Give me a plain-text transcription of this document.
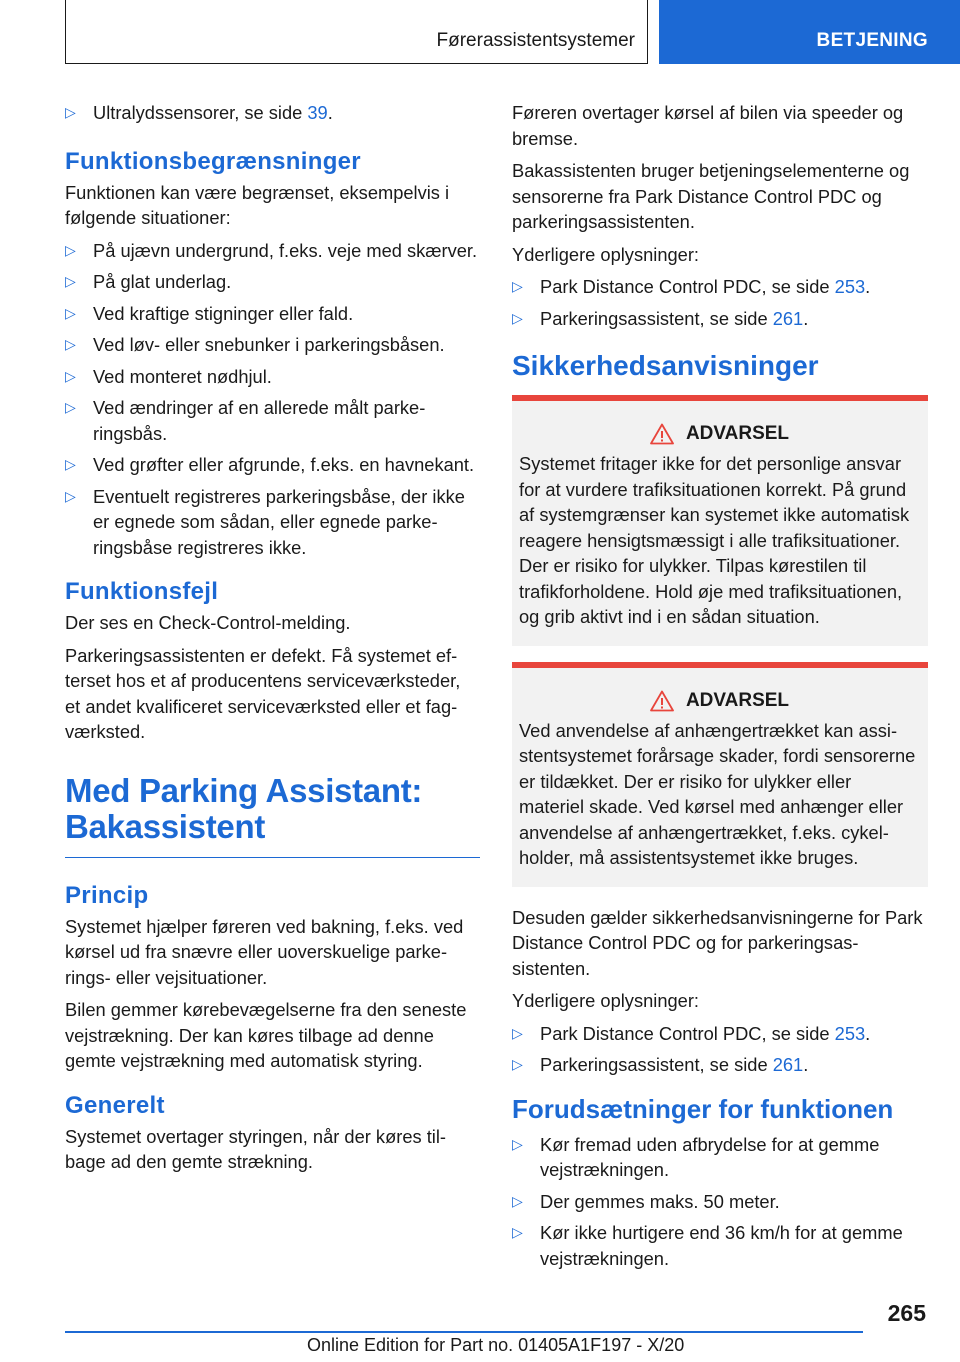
Førerassistentsystemer	BETJENING
▷ Ultralydssensorer, se side 39.
Funktionsbegrænsninger

Funktionen kan være begrænset, eksempelvis i følgende situationer:

▷ På ujævn undergrund, f.eks. veje med skærver.
▷ På glat underlag.
▷ Ved kraftige stigninger eller fald.
▷ Ved løv- eller snebunker i parkeringsbåsen.
▷ Ved monteret nødhjul.
▷ Ved ændringer af en allerede målt parkeringsbås.
▷ Ved grøfter eller afgrunde, f.eks. en havnekant.
▷ Eventuelt registreres parkeringsbåse, der ikke er egnede som sådan, eller egnede parkeringsbåse registreres ikke.
Funktionsfejl

Der ses en Check-Control-melding.

Parkeringsassistenten er defekt. Få systemet efterset hos et af producentens serviceværksteder, et andet kvalificeret serviceværksted eller et fagværksted.

Med Parking Assistant: Bakassistent
Princip

Systemet hjælper føreren ved bakning, f.eks. ved kørsel ud fra snævre eller uoverskuelige parkerings- eller vejsituationer.

Bilen gemmer kørebevægelserne fra den seneste vejstrækning. Der kan køres tilbage ad denne gemte vejstrækning med automatisk styring.

Generelt

Systemet overtager styringen, når der køres tilbage ad den gemte strækning.

Føreren overtager kørsel af bilen via speeder og bremse.

Bakassistenten bruger betjeningselementerne og sensorerne fra Park Distance Control PDC og parkeringsassistenten.

Yderligere oplysninger:

▷ Park Distance Control PDC, se side 253.
▷ Parkeringsassistent, se side 261.
Sikkerhedsanvisninger
ADVARSEL

Systemet fritager ikke for det personlige ansvar for at vurdere trafiksituationen korrekt. På grund af systemgrænser kan systemet ikke automatisk reagere hensigtsmæssigt i alle trafiksituationer. Der er risiko for ulykker. Tilpas kørestilen til trafikforholdene. Hold øje med trafiksituationen, og grib aktivt ind i en sådan situation.

ADVARSEL

Ved anvendelse af anhængertrækket kan assistentsystemet forårsage skader, fordi sensorerne er tildækket. Der er risiko for ulykker eller materiel skade. Ved kørsel med anhænger eller anvendelse af anhængertrækket, f.eks. cykelholder, må assistentsystemet ikke bruges.

Desuden gælder sikkerhedsanvisningerne for Park Distance Control PDC og for parkeringsassistenten.

Yderligere oplysninger:

▷ Park Distance Control PDC, se side 253.
▷ Parkeringsassistent, se side 261.
Forudsætninger for funktionen
▷ Kør fremad uden afbrydelse for at gemme vejstrækningen.
▷ Der gemmes maks. 50 meter.
▷ Kør ikke hurtigere end 36 km/h for at gemme vejstrækningen.
265
Online Edition for Part no. 01405A1F197 - X/20
